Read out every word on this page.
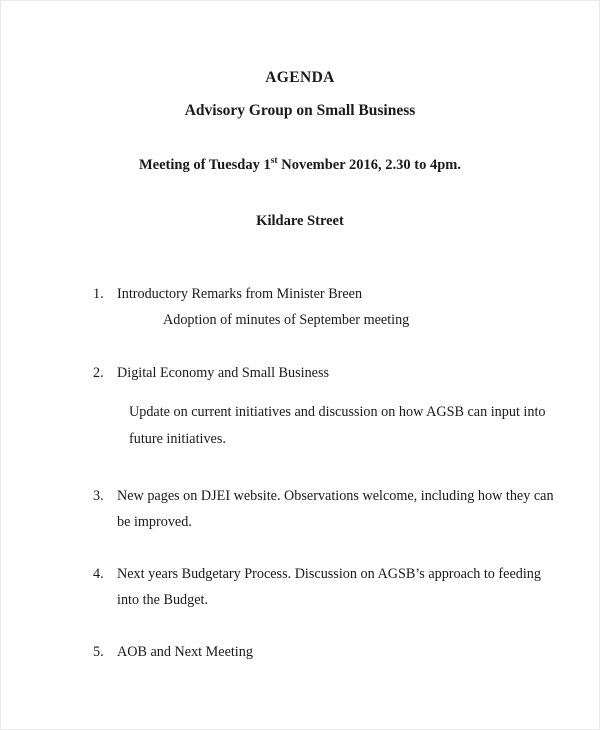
AGENDA
Advisory Group on Small Business
Meeting of Tuesday 1st November 2016, 2.30 to 4pm.
Kildare Street
1. Introductory Remarks from Minister Breen
Adoption of minutes of September meeting
2. Digital Economy and Small Business
Update on current initiatives and discussion on how AGSB can input into future initiatives.
3. New pages on DJEI website. Observations welcome, including how they can be improved.
4. Next years Budgetary Process. Discussion on AGSB’s approach to feeding into the Budget.
5. AOB and Next Meeting
